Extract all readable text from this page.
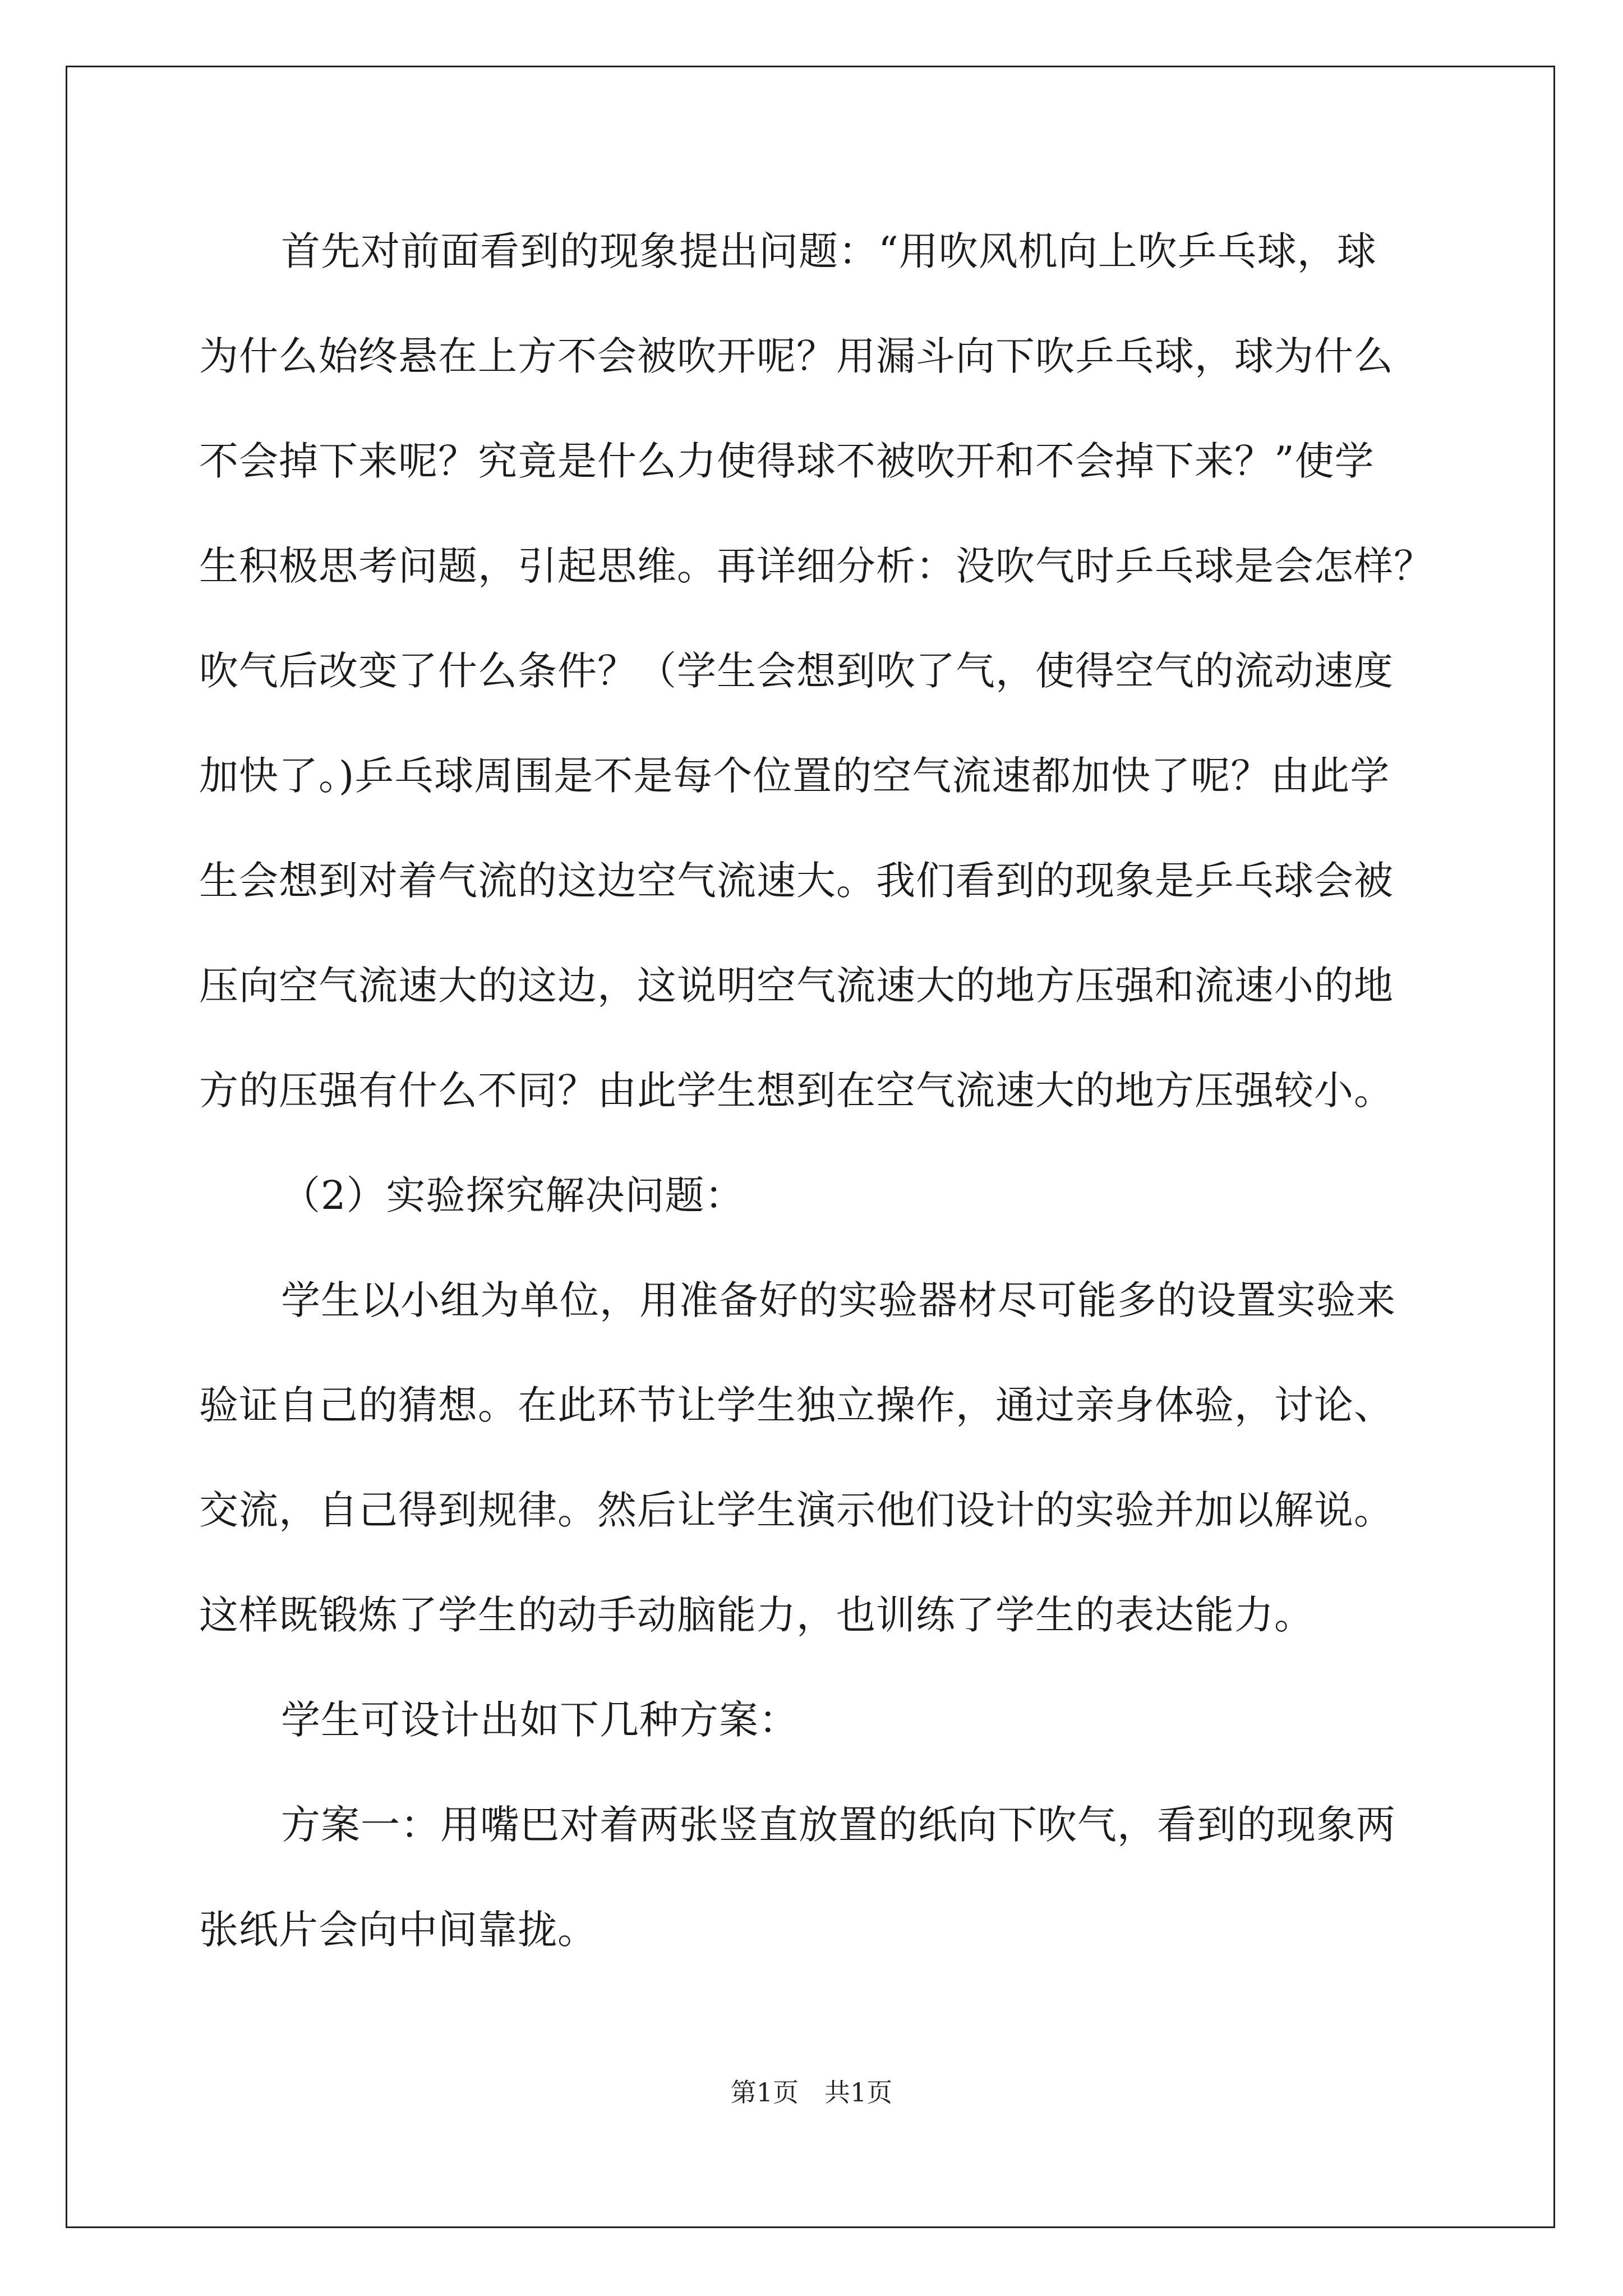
首先对前面看到的现象提出问题：“用吹风机向上吹乒乓球，球
为什么始终悬在上方不会被吹开呢？用漏斗向下吹乒乓球，球为什么
不会掉下来呢？究竟是什么力使得球不被吹开和不会掉下来？”使学
生积极思考问题，引起思维。再详细分析：没吹气时乒乓球是会怎样？
吹气后改变了什么条件？（学生会想到吹了气，使得空气的流动速度
加快了。)乒乓球周围是不是每个位置的空气流速都加快了呢？由此学
生会想到对着气流的这边空气流速大。我们看到的现象是乒乓球会被
压向空气流速大的这边，这说明空气流速大的地方压强和流速小的地
方的压强有什么不同？由此学生想到在空气流速大的地方压强较小。
（2）实验探究解决问题：
学生以小组为单位，用准备好的实验器材尽可能多的设置实验来
验证自己的猜想。在此环节让学生独立操作，通过亲身体验，讨论、
交流，自己得到规律。然后让学生演示他们设计的实验并加以解说。
这样既锻炼了学生的动手动脑能力，也训练了学生的表达能力。
学生可设计出如下几种方案：
方案一：用嘴巴对着两张竖直放置的纸向下吹气，看到的现象两
张纸片会向中间靠拢。
第1页　共1页
